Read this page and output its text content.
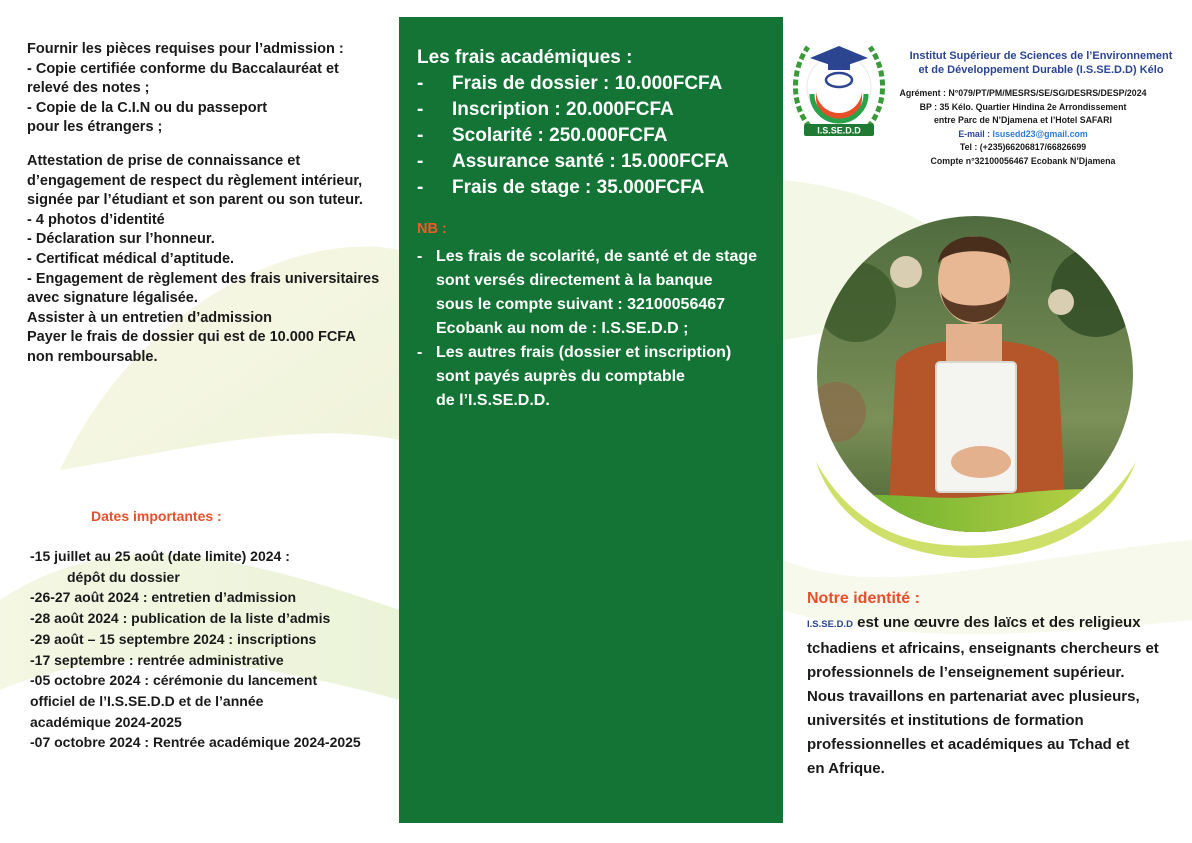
Fournir les pièces requises pour l’admission :
- Copie certifiée conforme du Baccalauréat et
relevé des notes ;
- Copie de la C.I.N ou du passeport
pour les étrangers ;
Attestation de prise de connaissance et
d’engagement de respect du règlement intérieur,
signée par l’étudiant et son parent ou son tuteur.
- 4 photos d’identité
- Déclaration sur l’honneur.
- Certificat médical d’aptitude.
- Engagement de règlement des frais universitaires
avec signature légalisée.
Assister à un entretien d’admission
Payer le frais de dossier qui est de 10.000 FCFA
non remboursable.
Dates importantes :
-15 juillet au 25 août (date limite) 2024 :
dépôt du dossier
-26-27 août 2024 : entretien d’admission
-28 août 2024 : publication de la liste d’admis
-29 août – 15 septembre 2024 : inscriptions
-17 septembre : rentrée administrative
-05 octobre 2024 : cérémonie du lancement
officiel de l’I.S.SE.D.D et de l’année
académique 2024-2025
-07 octobre 2024 : Rentrée académique 2024-2025
Les frais académiques :
-	Frais de dossier : 10.000FCFA
-	Inscription : 20.000FCFA
-	Scolarité : 250.000FCFA
-	Assurance santé : 15.000FCFA
-	Frais de stage : 35.000FCFA
NB :
- Les frais de scolarité, de santé et de stage
sont versés directement à la banque
sous le compte suivant : 32100056467
Ecobank au nom de : I.S.SE.D.D ;
- Les autres frais (dossier et inscription)
sont payés auprès du comptable
de l’I.S.SE.D.D.
I.S.SE.D.D
Institut Supérieur de Sciences de l’Environnement
et de Développement Durable (I.S.SE.D.D) Kélo
Agrément : N°079/PT/PM/MESRS/SE/SG/DESRS/DESP/2024
BP : 35 Kélo. Quartier Hindina 2e Arrondissement
entre Parc de N’Djamena et l’Hotel SAFARI
E-mail : Isusedd23@gmail.com
Tel : (+235)66206817/66826699
Compte n°32100056467 Ecobank N’Djamena
Notre identité :
I.S.SE.D.D est une œuvre des laïcs et des religieux
tchadiens et africains, enseignants chercheurs et
professionnels de l’enseignement supérieur.
Nous travaillons en partenariat avec plusieurs,
universités et institutions de formation
professionnelles et académiques au Tchad et
en Afrique.
